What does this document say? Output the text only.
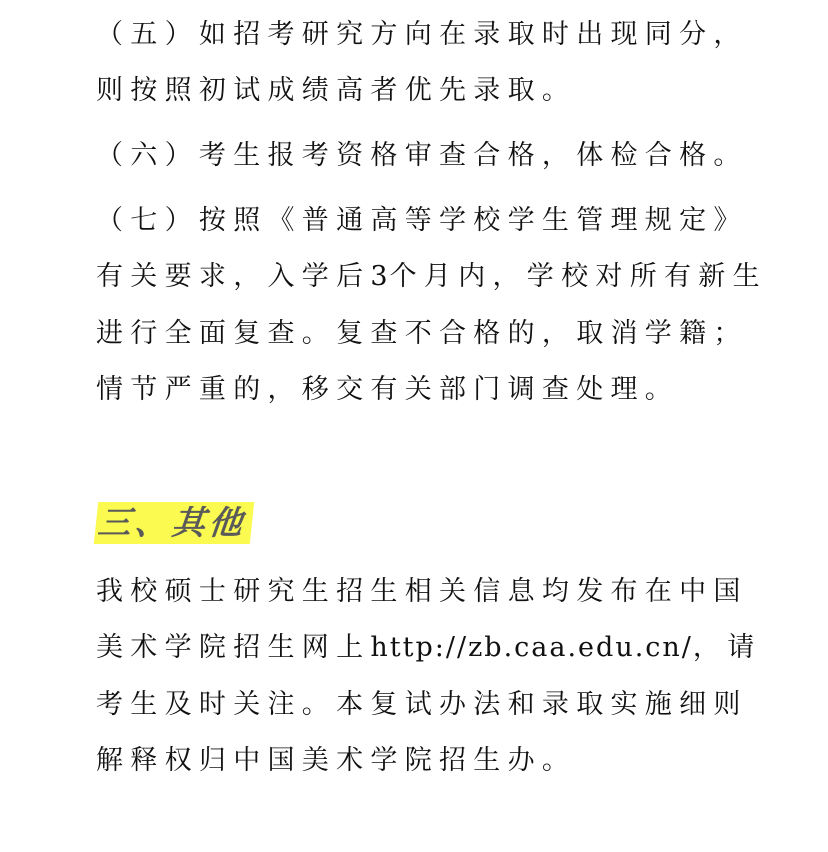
（五）如招考研究方向在录取时出现同分，

则按照初试成绩高者优先录取。

（六）考生报考资格审查合格，体检合格。

（七）按照《普通高等学校学生管理规定》

有关要求，入学后3个月内，学校对所有新生

进行全面复查。复查不合格的，取消学籍；

情节严重的，移交有关部门调查处理。

三、其他

我校硕士研究生招生相关信息均发布在中国

美术学院招生网上http://zb.caa.edu.cn/，请

考生及时关注。本复试办法和录取实施细则

解释权归中国美术学院招生办。
